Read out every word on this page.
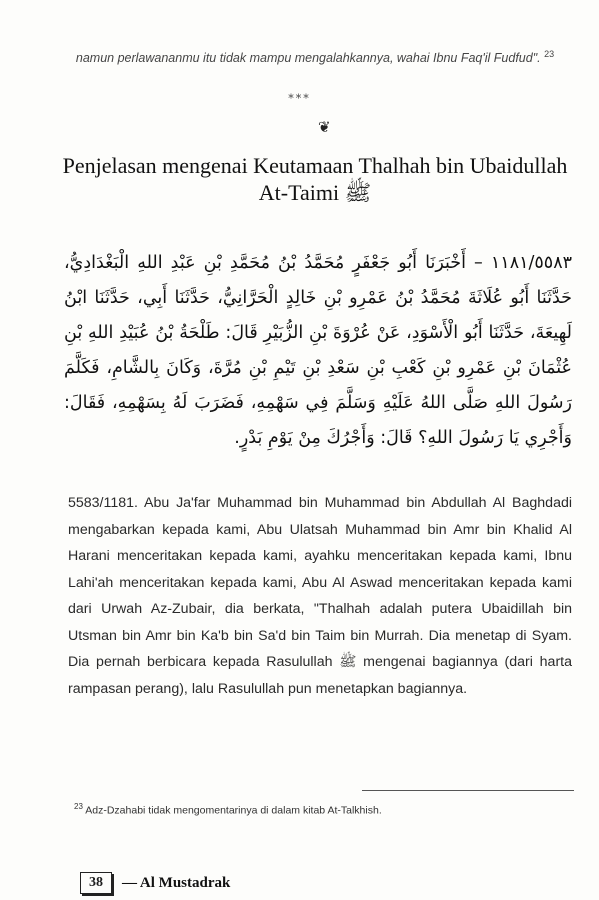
namun perlawananmu itu tidak mampu mengalahkannya, wahai Ibnu Faq'il Fudfud". $^{23}$
***
❦
Penjelasan mengenai Keutamaan Thalhah bin Ubaidullah At-Taimi ﷺ
١١٨١/٥٥٨٣ – أَخْبَرَنَا أَبُو جَعْفَرٍ مُحَمَّدُ بْنُ مُحَمَّدِ بْنِ عَبْدِ اللهِ الْبَغْدَادِيُّ، حَدَّثَنَا أَبُو عُلَاثَةَ مُحَمَّدُ بْنُ عَمْرِو بْنِ خَالِدٍ الْحَرَّانِيُّ، حَدَّثَنَا أَبِي، حَدَّثَنَا ابْنُ لَهِيعَةَ، حَدَّثَنَا أَبُو الْأَسْوَدِ، عَنْ عُرْوَةَ بْنِ الزُّبَيْرِ قَالَ: طَلْحَةُ بْنُ عُبَيْدِ اللهِ بْنِ عُثْمَانَ بْنِ عَمْرِو بْنِ كَعْبِ بْنِ سَعْدِ بْنِ تَيْمِ بْنِ مُرَّةَ، وَكَانَ بِالشَّامِ، فَكَلَّمَ رَسُولَ اللهِ صَلَّى اللهُ عَلَيْهِ وَسَلَّمَ فِي سَهْمِهِ، فَضَرَبَ لَهُ بِسَهْمِهِ، فَقَالَ: وَأَجْرِي يَا رَسُولَ اللهِ؟ قَالَ: وَأَجْرُكَ مِنْ يَوْمِ بَدْرٍ.
5583/1181. Abu Ja'far Muhammad bin Muhammad bin Abdullah Al Baghdadi mengabarkan kepada kami, Abu Ulatsah Muhammad bin Amr bin Khalid Al Harani menceritakan kepada kami, ayahku menceritakan kepada kami, Ibnu Lahi'ah menceritakan kepada kami, Abu Al Aswad menceritakan kepada kami dari Urwah Az-Zubair, dia berkata, "Thalhah adalah putera Ubaidillah bin Utsman bin Amr bin Ka'b bin Sa'd bin Taim bin Murrah. Dia menetap di Syam. Dia pernah berbicara kepada Rasulullah ﷺ mengenai bagiannya (dari harta rampasan perang), lalu Rasulullah pun menetapkan bagiannya.
$^{23}$ Adz-Dzahabi tidak mengomentarinya di dalam kitab At-Talkhish.
38	— Al Mustadrak
